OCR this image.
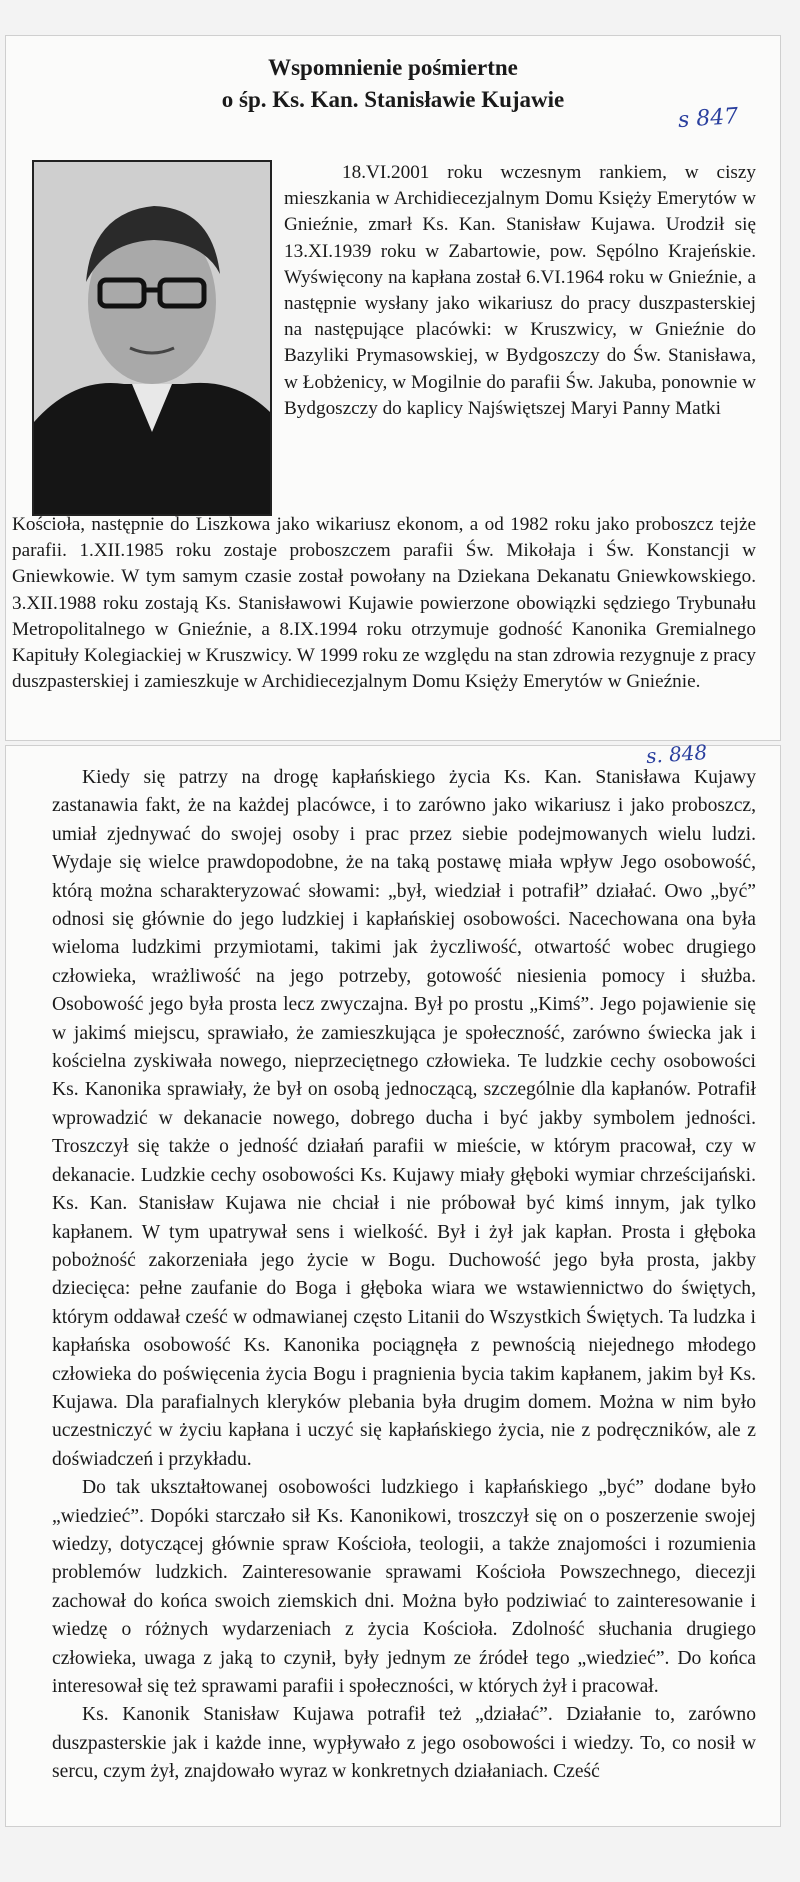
Wspomnienie pośmiertne
o śp. Ks. Kan. Stanisławie Kujawie
s 847

18.VI.2001 roku wczesnym rankiem, w ciszy mieszkania w Archidiecezjalnym Domu Księży Emerytów w Gnieźnie, zmarł Ks. Kan. Stanisław Kujawa. Urodził się 13.XI.1939 roku w Zabartowie, pow. Sępólno Krajeńskie. Wyświęcony na kapłana został 6.VI.1964 roku w Gnieźnie, a następnie wysłany jako wikariusz do pracy duszpasterskiej na następujące placówki: w Kruszwicy, w Gnieźnie do Bazyliki Prymasowskiej, w Bydgoszczy do Św. Stanisława, w Łobżenicy, w Mogilnie do parafii Św. Jakuba, ponownie w Bydgoszczy do kaplicy Najświętszej Maryi Panny Matki

Kościoła, następnie do Liszkowa jako wikariusz ekonom, a od 1982 roku jako proboszcz tejże parafii. 1.XII.1985 roku zostaje proboszczem parafii Św. Mikołaja i Św. Konstancji w Gniewkowie. W tym samym czasie został powołany na Dziekana Dekanatu Gniewkowskiego. 3.XII.1988 roku zostają Ks. Stanisławowi Kujawie powierzone obowiązki sędziego Trybunału Metropolitalnego w Gnieźnie, a 8.IX.1994 roku otrzymuje godność Kanonika Gremialnego Kapituły Kolegiackiej w Kruszwicy. W 1999 roku ze względu na stan zdrowia rezygnuje z pracy duszpasterskiej i zamieszkuje w Archidiecezjalnym Domu Księży Emerytów w Gnieźnie.

s. 848

Kiedy się patrzy na drogę kapłańskiego życia Ks. Kan. Stanisława Kujawy zastanawia fakt, że na każdej placówce, i to zarówno jako wikariusz i jako proboszcz, umiał zjednywać do swojej osoby i prac przez siebie podejmowanych wielu ludzi. Wydaje się wielce prawdopodobne, że na taką postawę miała wpływ Jego osobowość, którą można scharakteryzować słowami: „był, wiedział i potrafił” działać. Owo „być” odnosi się głównie do jego ludzkiej i kapłańskiej osobowości. Nacechowana ona była wieloma ludzkimi przymiotami, takimi jak życzliwość, otwartość wobec drugiego człowieka, wrażliwość na jego potrzeby, gotowość niesienia pomocy i służba. Osobowość jego była prosta lecz zwyczajna. Był po prostu „Kimś”. Jego pojawienie się w jakimś miejscu, sprawiało, że zamieszkująca je społeczność, zarówno świecka jak i kościelna zyskiwała nowego, nieprzeciętnego człowieka. Te ludzkie cechy osobowości Ks. Kanonika sprawiały, że był on osobą jednoczącą, szczególnie dla kapłanów. Potrafił wprowadzić w dekanacie nowego, dobrego ducha i być jakby symbolem jedności. Troszczył się także o jedność działań parafii w mieście, w którym pracował, czy w dekanacie. Ludzkie cechy osobowości Ks. Kujawy miały głęboki wymiar chrześcijański. Ks. Kan. Stanisław Kujawa nie chciał i nie próbował być kimś innym, jak tylko kapłanem. W tym upatrywał sens i wielkość. Był i żył jak kapłan. Prosta i głęboka pobożność zakorzeniała jego życie w Bogu. Duchowość jego była prosta, jakby dziecięca: pełne zaufanie do Boga i głęboka wiara we wstawiennictwo do świętych, którym oddawał cześć w odmawianej często Litanii do Wszystkich Świętych. Ta ludzka i kapłańska osobowość Ks. Kanonika pociągnęła z pewnością niejednego młodego człowieka do poświęcenia życia Bogu i pragnienia bycia takim kapłanem, jakim był Ks. Kujawa. Dla parafialnych kleryków plebania była drugim domem. Można w nim było uczestniczyć w życiu kapłana i uczyć się kapłańskiego życia, nie z podręczników, ale z doświadczeń i przykładu.

Do tak ukształtowanej osobowości ludzkiego i kapłańskiego „być” dodane było „wiedzieć”. Dopóki starczało sił Ks. Kanonikowi, troszczył się on o poszerzenie swojej wiedzy, dotyczącej głównie spraw Kościoła, teologii, a także znajomości i rozumienia problemów ludzkich. Zainteresowanie sprawami Kościoła Powszechnego, diecezji zachował do końca swoich ziemskich dni. Można było podziwiać to zainteresowanie i wiedzę o różnych wydarzeniach z życia Kościoła. Zdolność słuchania drugiego człowieka, uwaga z jaką to czynił, były jednym ze źródeł tego „wiedzieć”. Do końca interesował się też sprawami parafii i społeczności, w których żył i pracował.

Ks. Kanonik Stanisław Kujawa potrafił też „działać”. Działanie to, zarówno duszpasterskie jak i każde inne, wypływało z jego osobowości i wiedzy. To, co nosił w sercu, czym żył, znajdowało wyraz w konkretnych działaniach. Cześć
